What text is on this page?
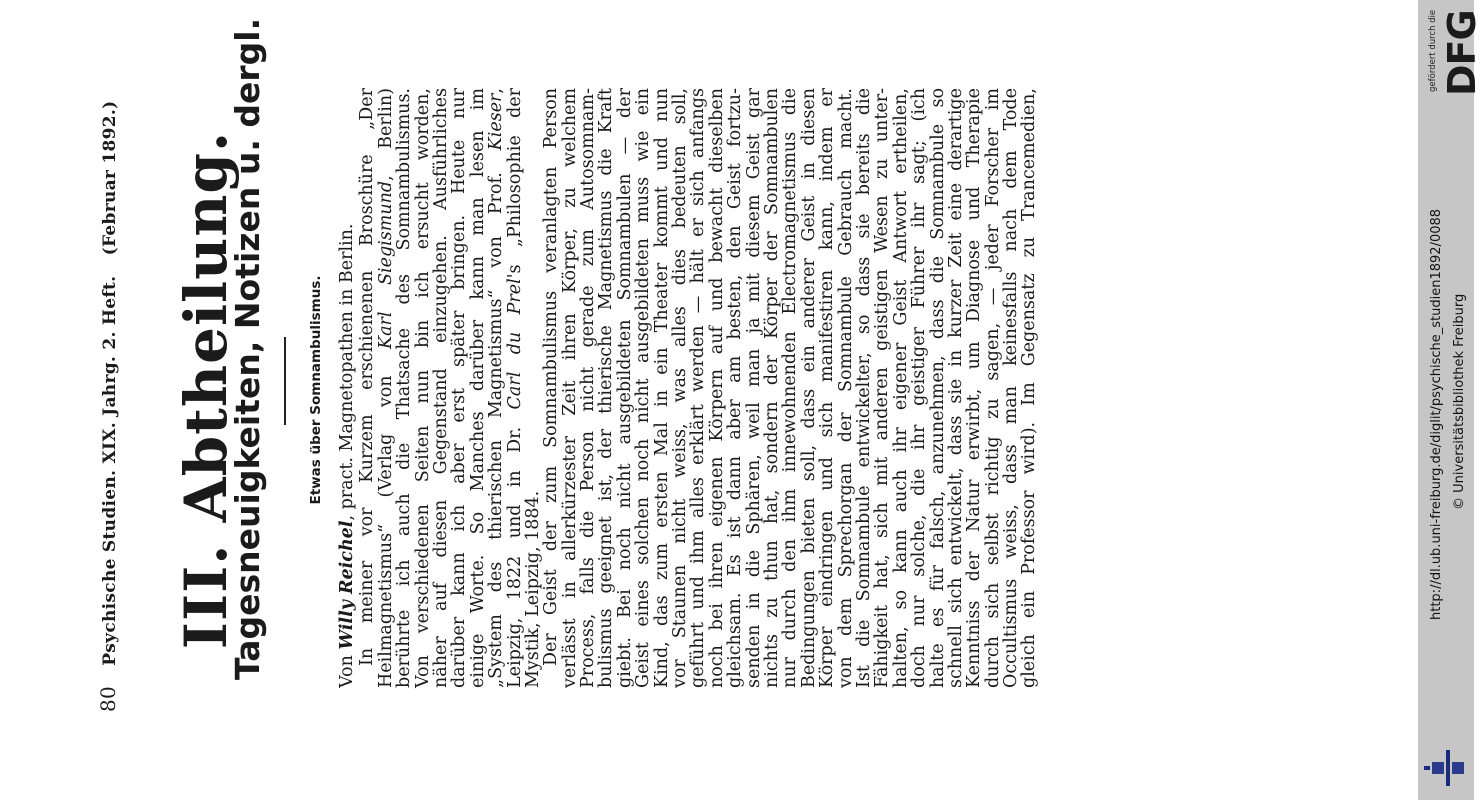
80 Psychische Studien. XIX. Jahrg. 2. Heft. (Februar 1892.) III. Abtheilung.
Tagesneuigkeiten, Notizen u. dergl.	Etwas über Somnambulismus.
Von Willy Reichel, pract. Magnetopathen in Berlin. In meiner vor Kurzem erschienenen Broschüre „Der
Heilmagnetismus“ (Verlag von Karl Siegismund, Berlin)
berührte ich auch die Thatsache des Somnambulismus.
Von verschiedenen Seiten nun bin ich ersucht worden,
näher auf diesen Gegenstand einzugehen. Ausführliches
darüber kann ich aber erst später bringen. Heute nur
einige Worte. So Manches darüber kann man lesen im
„System des thierischen Magnetismus“ von Prof. Kieser,
Leipzig, 1822 und in Dr. Carl du Prel's „Philosophie der
Mystik, Leipzig, 1884.
Der Geist der zum Somnambulismus veranlagten Person
verlässt in allerkürzester Zeit ihren Körper, zu welchem
Process, falls die Person nicht gerade zum Autosomnam-
bulismus geeignet ist, der thierische Magnetismus die Kraft
giebt. Bei noch nicht ausgebildeten Somnambulen — der
Geist eines solchen noch nicht ausgebildeten muss wie ein
Kind, das zum ersten Mal in ein Theater kommt und nun
vor Staunen nicht weiss, was alles dies bedeuten soll,
geführt und ihm alles erklärt werden — hält er sich anfangs
noch bei ihren eigenen Körpern auf und bewacht dieselben
gleichsam. Es ist dann aber am besten, den Geist fortzu-
senden in die Sphären, weil man ja mit diesem Geist gar
nichts zu thun hat, sondern der Körper der Somnambulen
nur durch den ihm innewohnenden Electromagnetismus die
Bedingungen bieten soll, dass ein anderer Geist in diesen
Körper eindringen und sich manifestiren kann, indem er
von dem Sprechorgan der Somnambule Gebrauch macht.
Ist die Somnambule entwickelter, so dass sie bereits die
Fähigkeit hat, sich mit anderen geistigen Wesen zu unter-
halten, so kann auch ihr eigener Geist Antwort ertheilen,
doch nur solche, die ihr geistiger Führer ihr sagt; (ich
halte es für falsch, anzunehmen, dass die Somnambule so
schnell sich entwickelt, dass sie in kurzer Zeit eine derartige
Kenntniss der Natur erwirbt, um Diagnose und Therapie
durch sich selbst richtig zu sagen, — jeder Forscher im
Occultismus weiss, dass man keinesfalls nach dem Tode
gleich ein Professor wird). Im Gegensatz zu Trancemedien,
gefördert durch die DFG
http://dl.ub.uni-freiburg.de/diglit/psychische_studien1892/0088 © Universitätsbibliothek Freiburg
